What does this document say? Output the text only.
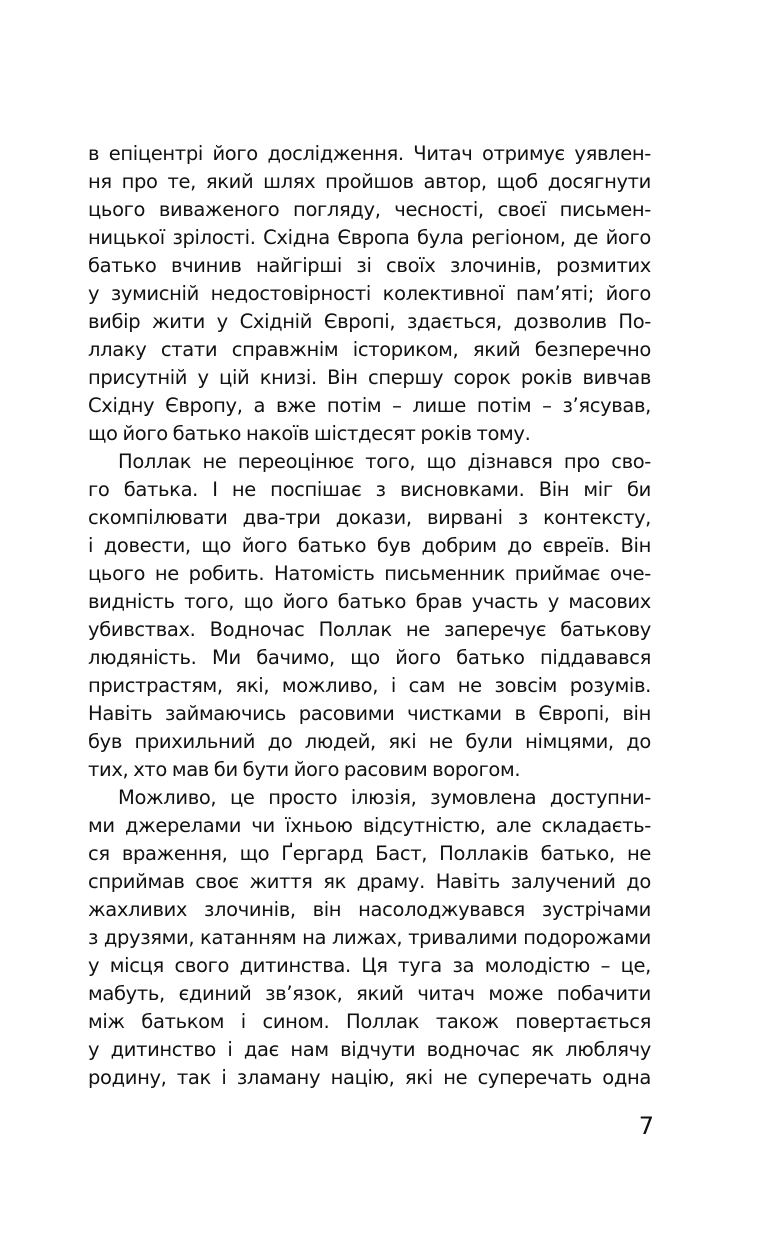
в епіцентрі його дослідження. Читач отримує уявлен-
ня про те, який шлях пройшов автор, щоб досягнути
цього виваженого погляду, чесності, своєї письмен-
ницької зрілості. Східна Європа була регіоном, де його
батько вчинив найгірші зі своїх злочинів, розмитих
у зумисній недостовірності колективної пам’яті; його
вибір жити у Східній Європі, здається, дозволив По-
ллаку стати справжнім істориком, який безперечно
присутній у цій книзі. Він спершу сорок років вивчав
Східну Європу, а вже потім – лише потім – з’ясував,
що його батько накоїв шістдесят років тому.
Поллак не переоцінює того, що дізнався про сво-
го батька. І не поспішає з висновками. Він міг би
скомпілювати два-три докази, вирвані з контексту,
і довести, що його батько був добрим до євреїв. Він
цього не робить. Натомість письменник приймає оче-
видність того, що його батько брав участь у масових
убивствах. Водночас Поллак не заперечує батькову
людяність. Ми бачимо, що його батько піддавався
пристрастям, які, можливо, і сам не зовсім розумів.
Навіть займаючись расовими чистками в Європі, він
був прихильний до людей, які не були німцями, до
тих, хто мав би бути його расовим ворогом.
Можливо, це просто ілюзія, зумовлена доступни-
ми джерелами чи їхньою відсутністю, але складаєть-
ся враження, що Ґергард Баст, Поллаків батько, не
сприймав своє життя як драму. Навіть залучений до
жахливих злочинів, він насолоджувався зустрічами
з друзями, катанням на лижах, тривалими подорожами
у місця свого дитинства. Ця туга за молодістю – це,
мабуть, єдиний зв’язок, який читач може побачити
між батьком і сином. Поллак також повертається
у дитинство і дає нам відчути водночас як люблячу
родину, так і зламану націю, які не суперечать одна
7
